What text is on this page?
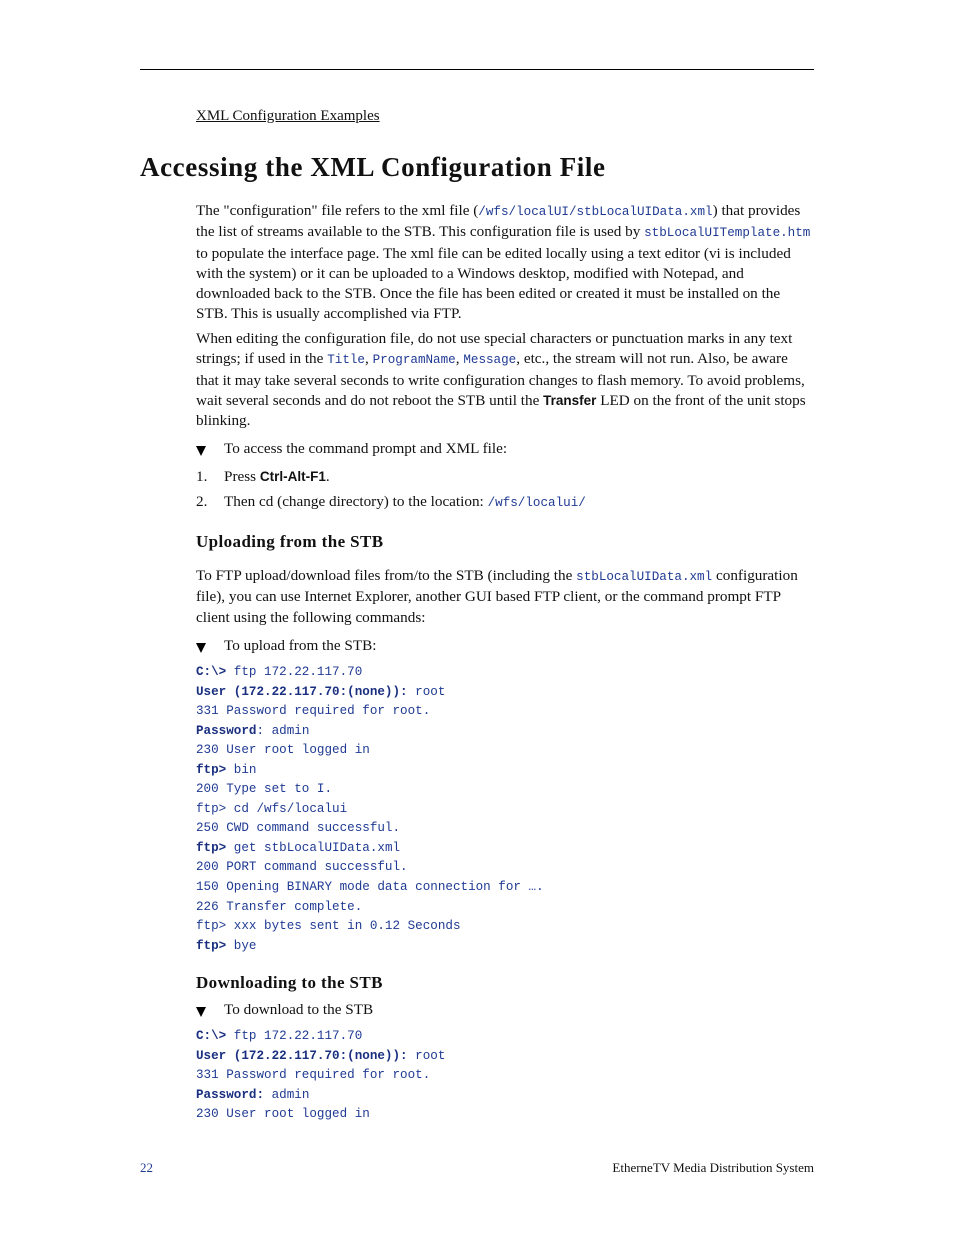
XML Configuration Examples
Accessing the XML Configuration File

The "configuration" file refers to the xml file (/wfs/localUI/stbLocalUIData.xml) that provides the list of streams available to the STB. This configuration file is used by stbLocalUITemplate.htm to populate the interface page. The xml file can be edited locally using a text editor (vi is included with the system) or it can be uploaded to a Windows desktop, modified with Notepad, and downloaded back to the STB. Once the file has been edited or created it must be installed on the STB. This is usually accomplished via FTP.

When editing the configuration file, do not use special characters or punctuation marks in any text strings; if used in the Title, ProgramName, Message, etc., the stream will not run. Also, be aware that it may take several seconds to write configuration changes to flash memory. To avoid problems, wait several seconds and do not reboot the STB until the Transfer LED on the front of the unit stops blinking.

To access the command prompt and XML file:
1. Press Ctrl-Alt-F1.
2. Then cd (change directory) to the location: /wfs/localui/
Uploading from the STB

To FTP upload/download files from/to the STB (including the stbLocalUIData.xml configuration file), you can use Internet Explorer, another GUI based FTP client, or the command prompt FTP client using the following commands:

To upload from the STB:
C:\> ftp 172.22.117.70
User (172.22.117.70:(none)): root
331 Password required for root.
Password: admin
230 User root logged in
ftp> bin
200 Type set to I.
ftp> cd /wfs/localui
250 CWD command successful.
ftp> get stbLocalUIData.xml
200 PORT command successful.
150 Opening BINARY mode data connection for ….
226 Transfer complete.
ftp> xxx bytes sent in 0.12 Seconds
ftp> bye
Downloading to the STB
To download to the STB
C:\> ftp 172.22.117.70
User (172.22.117.70:(none)): root
331 Password required for root.
Password: admin
230 User root logged in
22	EtherneTV Media Distribution System
